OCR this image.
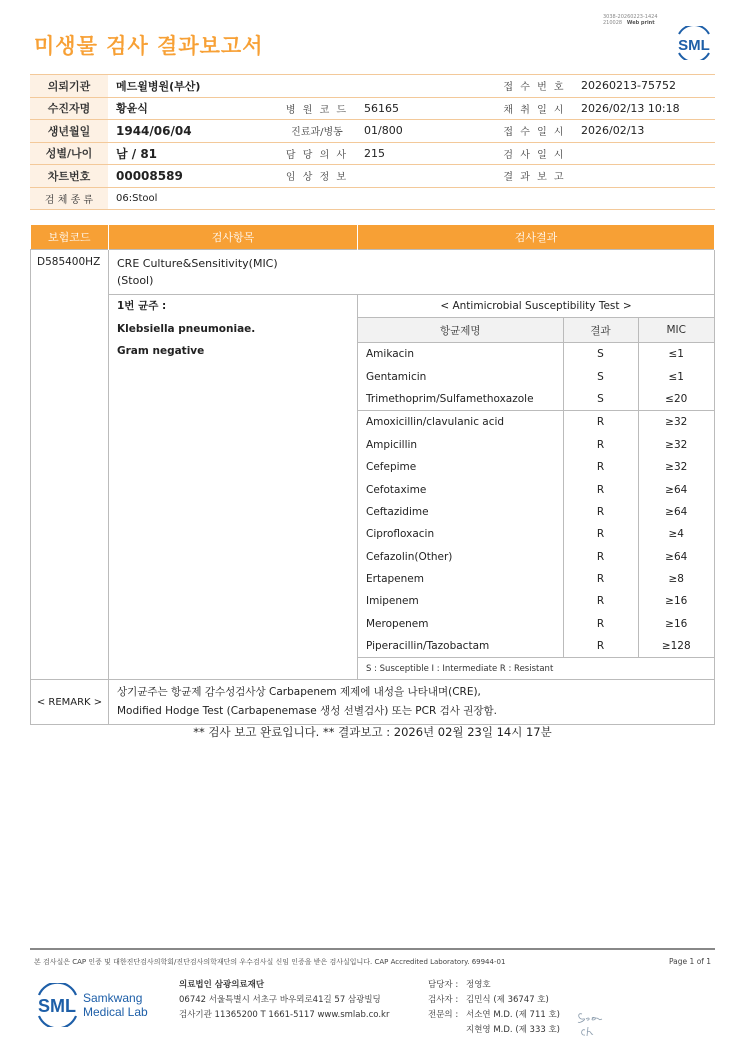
미생물 검사 결과보고서
3038-20260223-1424
210028 Web print
SML
의뢰기관	메드윌병원(부산)			접 수 번 호	20260213-75752
수진자명	황윤식	병 원 코 드	56165	채 취 일 시	2026/02/13 10:18
생년월일	1944/06/04	진료과/병동	01/800	접 수 일 시	2026/02/13
성별/나이	남 / 81	담 당 의 사	215	검 사 일 시	
차트번호	00008589	임 상 정 보		결 과 보 고	
검 체 종 류	06:Stool				
보험코드	검사항목	검사결과
D585400HZ	CRE Culture&Sensitivity(MIC)
(Stool)

1번 균주 :
Klebsiella pneumoniae.
Gram negative

< Antimicrobial Susceptibility Test >
항균제명	결과	MIC
Amikacin	S	≤1
Gentamicin	S	≤1
Trimethoprim/Sulfamethoxazole	S	≤20
Amoxicillin/clavulanic acid	R	≥32
Ampicillin	R	≥32
Cefepime	R	≥32
Cefotaxime	R	≥64
Ceftazidime	R	≥64
Ciprofloxacin	R	≥4
Cefazolin(Other)	R	≥64
Ertapenem	R	≥8
Imipenem	R	≥16
Meropenem	R	≥16
Piperacillin/Tazobactam	R	≥128
S : Susceptible I : Intermediate R : Resistant

< REMARK >	
상기균주는 항균제 감수성검사상 Carbapenem 제제에 내성을 나타내며(CRE),
Modified Hodge Test (Carbapenemase 생성 선별검사) 또는 PCR 검사 권장함.
** 검사 보고 완료입니다. ** 결과보고 : 2026년 02월 23일 14시 17분
본 검사실은 CAP 인증 및 대한진단검사의학회/진단검사의학재단의 우수검사실 신임 인증을 받은 검사실입니다. CAP Accredited Laboratory. 69944-01	Page 1 of 1
SML Samkwang
Medical Lab
의료법인 삼광의료재단
06742 서울특별시 서초구 바우뫼로41길 57 삼광빌딩
검사기관 11365200 T 1661-5117 www.smlab.co.kr
담당자 : 정영호
검사자 : 김민식 (제 36747 호)
전문의 : 서소연 M.D. (제 711 호)
지현영 M.D. (제 333 호)
